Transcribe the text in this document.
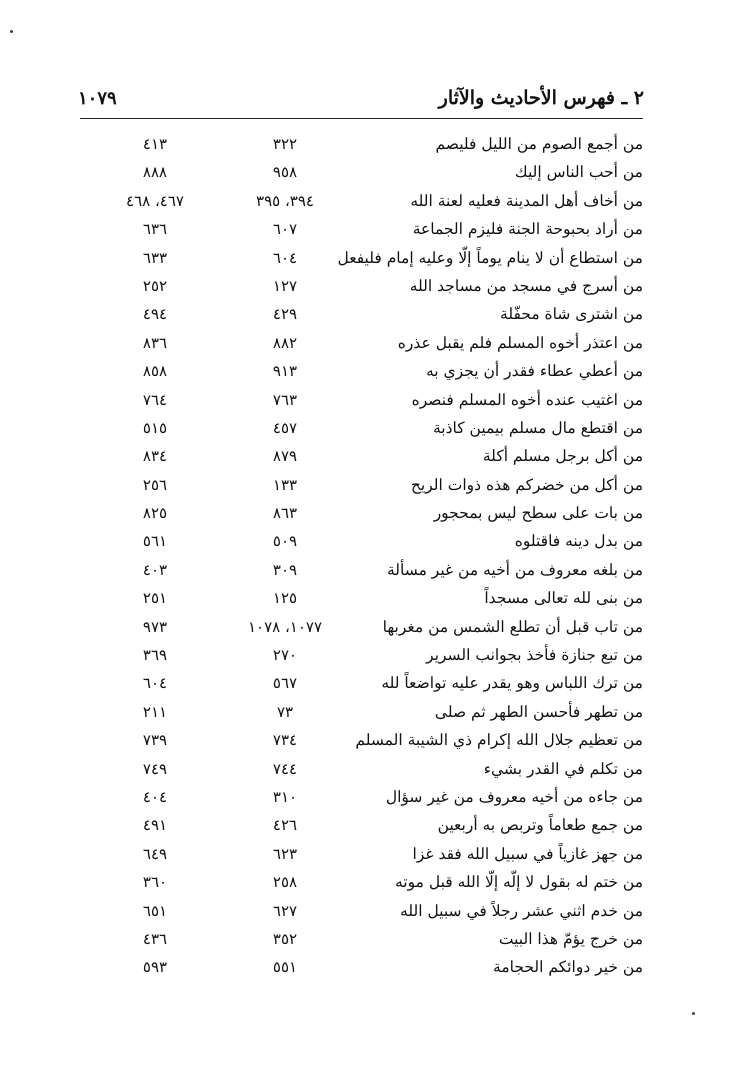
١٠٧٩	٢ ـ فهرس الأحاديث والآثار
من أجمع الصوم من الليل فليصم
٣٢٢
٤١٣
من أحب الناس إليك
٩٥٨
٨٨٨
من أخاف أهل المدينة فعليه لعنة الله
٣٩٤، ٣٩٥
٤٦٧، ٤٦٨
من أراد بحبوحة الجنة فليزم الجماعة
٦٠٧
٦٣٦
من استطاع أن لا ينام يوماً إلّا وعليه إمام فليفعل
٦٠٤
٦٣٣
من أسرج في مسجد من مساجد الله
١٢٧
٢٥٢
من اشترى شاة محفّلة
٤٢٩
٤٩٤
من اعتذر أخوه المسلم فلم يقبل عذره
٨٨٢
٨٣٦
من أعطي عطاء فقدر أن يجزي به
٩١٣
٨٥٨
من اغتيب عنده أخوه المسلم فنصره
٧٦٣
٧٦٤
من اقتطع مال مسلم بيمين كاذبة
٤٥٧
٥١٥
من أكل برجل مسلم أكلة
٨٧٩
٨٣٤
من أكل من خضركم هذه ذوات الريح
١٣٣
٢٥٦
من بات على سطح ليس بمحجور
٨٦٣
٨٢٥
من بدل دينه فاقتلوه
٥٠٩
٥٦١
من بلغه معروف من أخيه من غير مسألة
٣٠٩
٤٠٣
من بنى لله تعالى مسجداً
١٢٥
٢٥١
من تاب قبل أن تطلع الشمس من مغربها
١٠٧٧، ١٠٧٨
٩٧٣
من تبع جنازة فأخذ بجوانب السرير
٢٧٠
٣٦٩
من ترك اللباس وهو يقدر عليه تواضعاً لله
٥٦٧
٦٠٤
من تطهر فأحسن الطهر ثم صلى
٧٣
٢١١
من تعظيم جلال الله إكرام ذي الشيبة المسلم
٧٣٤
٧٣٩
من تكلم في القدر بشيء
٧٤٤
٧٤٩
من جاءه من أخيه معروف من غير سؤال
٣١٠
٤٠٤
من جمع طعاماً وتربص به أربعين
٤٢٦
٤٩١
من جهز غازياً في سبيل الله فقد غزا
٦٢٣
٦٤٩
من ختم له بقول لا إلّه إلّا الله قبل موته
٢٥٨
٣٦٠
من خدم اثني عشر رجلاً في سبيل الله
٦٢٧
٦٥١
من خرج يؤمّ هذا البيت
٣٥٢
٤٣٦
من خير دوائكم الحجامة
٥٥١
٥٩٣
